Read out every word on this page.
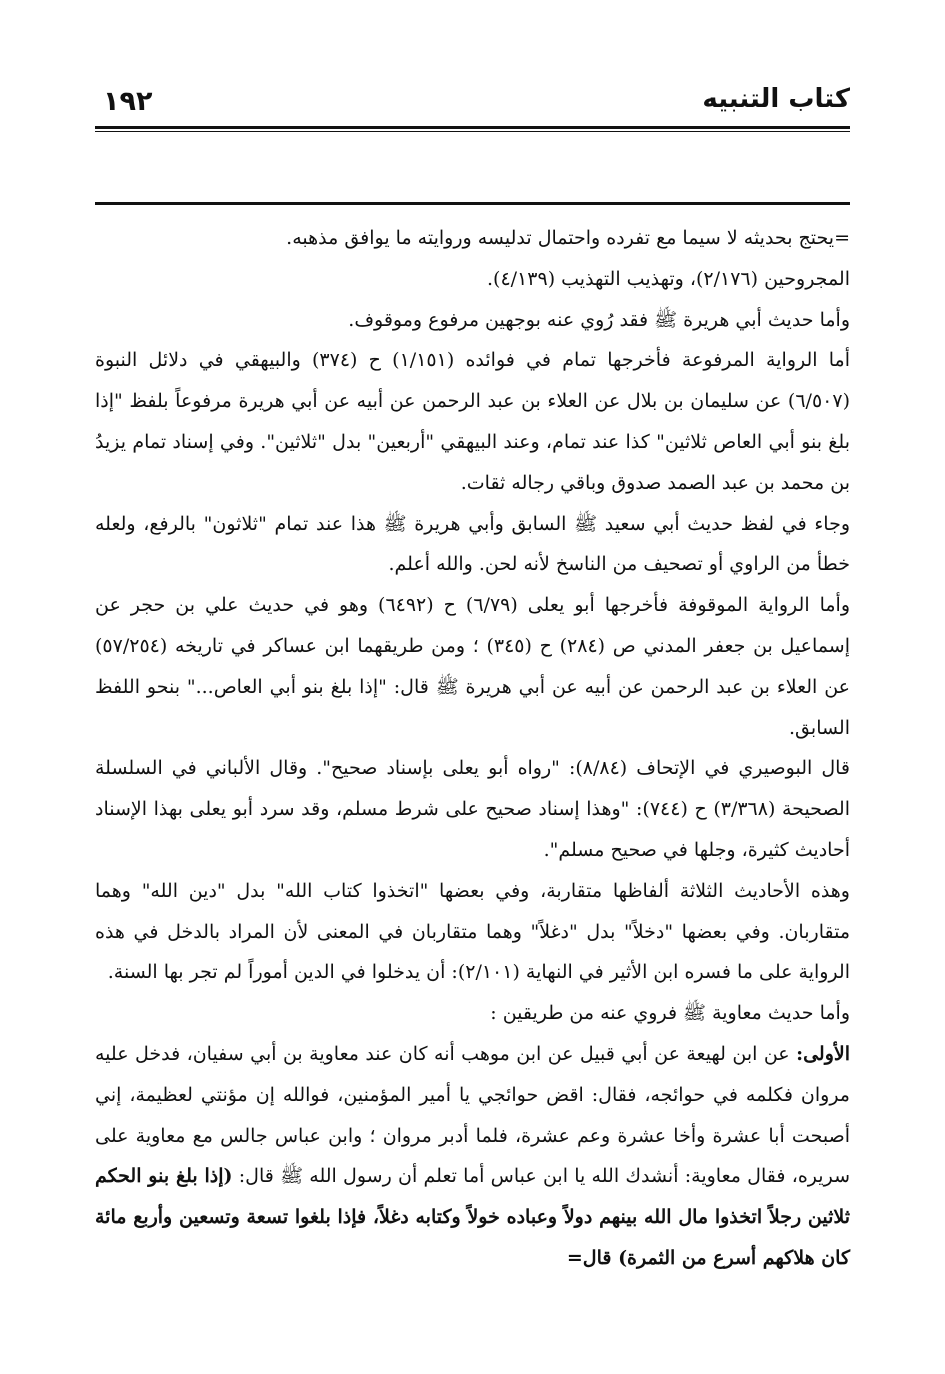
١٩٢	كتاب التنبيه

=يحتج بحديثه لا سيما مع تفرده واحتمال تدليسه وروايته ما يوافق مذهبه.

المجروحين (٢/١٧٦)، وتهذيب التهذيب (٤/١٣٩).

وأما حديث أبي هريرة ﷺ فقد رُوي عنه بوجهين مرفوع وموقوف.

أما الرواية المرفوعة فأخرجها تمام في فوائده (١/١٥١) ح (٣٧٤) والبيهقي في دلائل النبوة (٦/٥٠٧) عن سليمان بن بلال عن العلاء بن عبد الرحمن عن أبيه عن أبي هريرة مرفوعاً بلفظ "إذا بلغ بنو أبي العاص ثلاثين" كذا عند تمام، وعند البيهقي "أربعين" بدل "ثلاثين". وفي إسناد تمام يزيدُ بن محمد بن عبد الصمد صدوق وباقي رجاله ثقات.

وجاء في لفظ حديث أبي سعيد ﷺ السابق وأبي هريرة ﷺ هذا عند تمام "ثلاثون" بالرفع، ولعله خطأ من الراوي أو تصحيف من الناسخ لأنه لحن. والله أعلم.

وأما الرواية الموقوفة فأخرجها أبو يعلى (٦/٧٩) ح (٦٤٩٢) وهو في حديث علي بن حجر عن إسماعيل بن جعفر المدني ص (٢٨٤) ح (٣٤٥) ؛ ومن طريقهما ابن عساكر في تاريخه (٥٧/٢٥٤) عن العلاء بن عبد الرحمن عن أبيه عن أبي هريرة ﷺ قال: "إذا بلغ بنو أبي العاص..." بنحو اللفظ السابق.

قال البوصيري في الإتحاف (٨/٨٤): "رواه أبو يعلى بإسناد صحيح". وقال الألباني في السلسلة الصحيحة (٣/٣٦٨) ح (٧٤٤): "وهذا إسناد صحيح على شرط مسلم، وقد سرد أبو يعلى بهذا الإسناد أحاديث كثيرة، وجلها في صحيح مسلم".

وهذه الأحاديث الثلاثة ألفاظها متقاربة، وفي بعضها "اتخذوا كتاب الله" بدل "دين الله" وهما متقاربان. وفي بعضها "دخلاً" بدل "دغلاً" وهما متقاربان في المعنى لأن المراد بالدخل في هذه الرواية على ما فسره ابن الأثير في النهاية (٢/١٠١): أن يدخلوا في الدين أموراً لم تجر بها السنة.

وأما حديث معاوية ﷺ فروي عنه من طريقين :

الأولى: عن ابن لهيعة عن أبي قبيل عن ابن موهب أنه كان عند معاوية بن أبي سفيان، فدخل عليه مروان فكلمه في حوائجه، فقال: اقض حوائجي يا أمير المؤمنين، فوالله إن مؤنتي لعظيمة، إني أصبحت أبا عشرة وأخا عشرة وعم عشرة، فلما أدبر مروان ؛ وابن عباس جالس مع معاوية على سريره، فقال معاوية: أنشدك الله يا ابن عباس أما تعلم أن رسول الله ﷺ قال: (إذا بلغ بنو الحكم ثلاثين رجلاً اتخذوا مال الله بينهم دولاً وعباده خولاً وكتابه دغلاً، فإذا بلغوا تسعة وتسعين وأربع مائة كان هلاكهم أسرع من الثمرة) قال=
